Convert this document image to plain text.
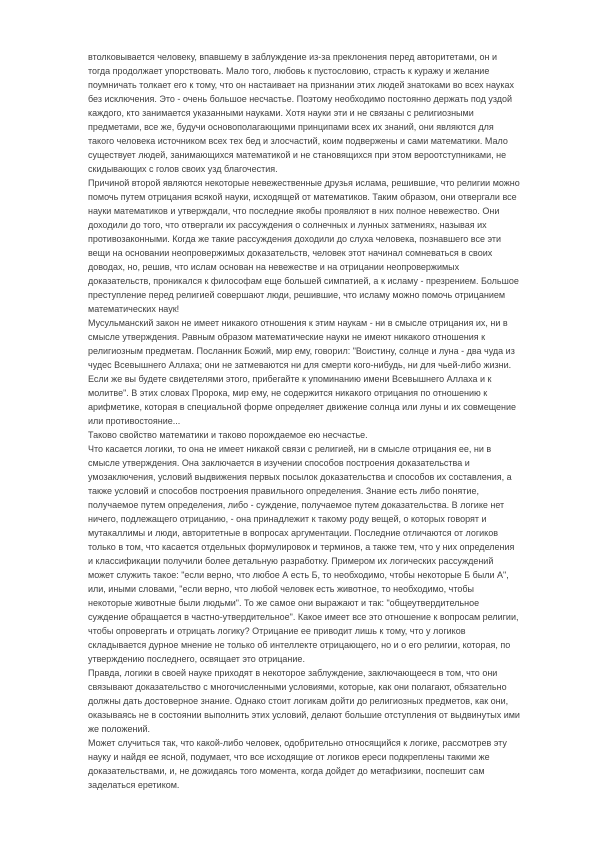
втолковывается человеку, впавшему в заблуждение из-за преклонения перед авторитетами, он и тогда продолжает упорствовать. Мало того, любовь к пустословию, страсть к куражу и желание поумничать толкает его к тому, что он настаивает на признании этих людей знатоками во всех науках без исключения. Это - очень большое несчастье. Поэтому необходимо постоянно держать под уздой каждого, кто занимается указанными науками. Хотя науки эти и не связаны с религиозными предметами, все же, будучи основополагающими принципами всех их знаний, они являются для такого человека источником всех тех бед и злосчастий, коим подвержены и сами математики. Мало существует людей, занимающихся математикой и не становящихся при этом вероотступниками, не скидывающих с голов своих узд благочестия.

Причиной второй являются некоторые невежественные друзья ислама, решившие, что религии можно помочь путем отрицания всякой науки, исходящей от математиков. Таким образом, они отвергали все науки математиков и утверждали, что последние якобы проявляют в них полное невежество. Они доходили до того, что отвергали их рассуждения о солнечных и лунных затмениях, называя их противозаконными. Когда же такие рассуждения доходили до слуха человека, познавшего все эти вещи на основании неопровержимых доказательств, человек этот начинал сомневаться в своих доводах, но, решив, что ислам основан на невежестве и на отрицании неопровержимых доказательств, проникался к философам еще большей симпатией, а к исламу - презрением. Большое преступление перед религией совершают люди, решившие, что исламу можно помочь отрицанием математических наук!

Мусульманский закон не имеет никакого отношения к этим наукам - ни в смысле отрицания их, ни в смысле утверждения. Равным образом математические науки не имеют никакого отношения к религиозным предметам. Посланник Божий, мир ему, говорил: "Воистину, солнце и луна - два чуда из чудес Всевышнего Аллаха; они не затмеваются ни для смерти кого-нибудь, ни для чьей-либо жизни. Если же вы будете свидетелями этого, прибегайте к упоминанию имени Всевышнего Аллаха и к молитве". В этих словах Пророка, мир ему, не содержится никакого отрицания по отношению к арифметике, которая в специальной форме определяет движение солнца или луны и их совмещение или противостояние...

Таково свойство математики и таково порождаемое ею несчастье.

Что касается логики, то она не имеет никакой связи с религией, ни в смысле отрицания ее, ни в смысле утверждения. Она заключается в изучении способов построения доказательства и умозаключения, условий выдвижения первых посылок доказательства и способов их составления, а также условий и способов построения правильного определения. Знание есть либо понятие, получаемое путем определения, либо - суждение, получаемое путем доказательства. В логике нет ничего, подлежащего отрицанию, - она принадлежит к такому роду вещей, о которых говорят и мутакаллимы и люди, авторитетные в вопросах аргументации. Последние отличаются от логиков только в том, что касается отдельных формулировок и терминов, а также тем, что у них определения и классификации получили более детальную разработку. Примером их логических рассуждений может служить такое: "если верно, что любое А есть Б, то необходимо, чтобы некоторые Б были А", или, иными словами, "если верно, что любой человек есть животное, то необходимо, чтобы некоторые животные были людьми". То же самое они выражают и так: "общеутвердительное суждение обращается в частно-утвердительное". Какое имеет все это отношение к вопросам религии, чтобы опровергать и отрицать логику? Отрицание ее приводит лишь к тому, что у логиков складывается дурное мнение не только об интеллекте отрицающего, но и о его религии, которая, по утверждению последнего, освящает это отрицание.

Правда, логики в своей науке приходят в некоторое заблуждение, заключающееся в том, что они связывают доказательство с многочисленными условиями, которые, как они полагают, обязательно должны дать достоверное знание. Однако стоит логикам дойти до религиозных предметов, как они, оказываясь не в состоянии выполнить этих условий, делают большие отступления от выдвинутых ими же положений.

Может случиться так, что какой-либо человек, одобрительно относящийся к логике, рассмотрев эту науку и найдя ее ясной, подумает, что все исходящие от логиков ереси подкреплены такими же доказательствами, и, не дожидаясь того момента, когда дойдет до метафизики, поспешит сам заделаться еретиком.
